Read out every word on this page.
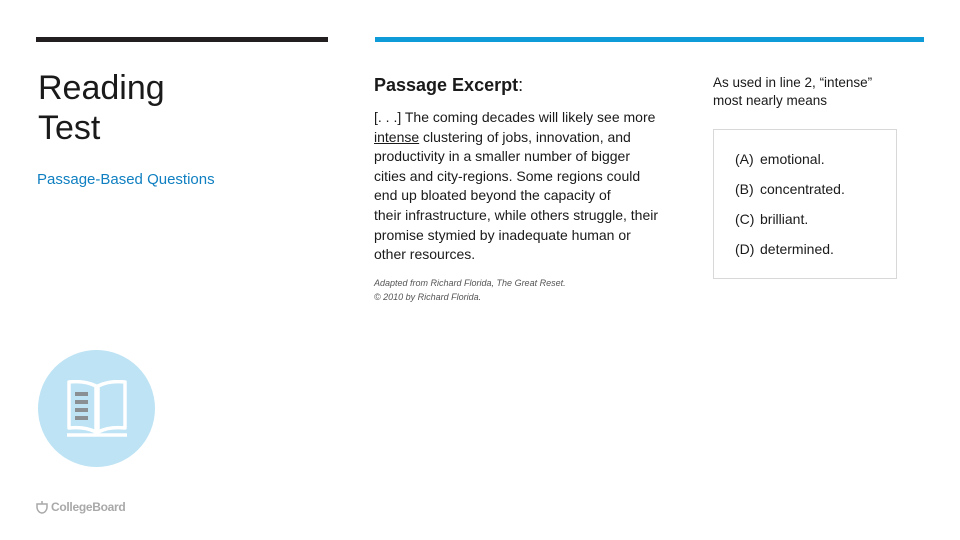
Reading
Test
Passage-Based Questions
CollegeBoard
Passage Excerpt:
[. . .] The coming decades will likely see more
intense clustering of jobs, innovation, and
productivity in a smaller number of bigger
cities and city-regions. Some regions could
end up bloated beyond the capacity of
their infrastructure, while others struggle, their
promise stymied by inadequate human or
other resources.
Adapted from Richard Florida, The Great Reset.
© 2010 by Richard Florida.
As used in line 2, “intense”
most nearly means
(A) emotional.
(B) concentrated.
(C) brilliant.
(D) determined.
